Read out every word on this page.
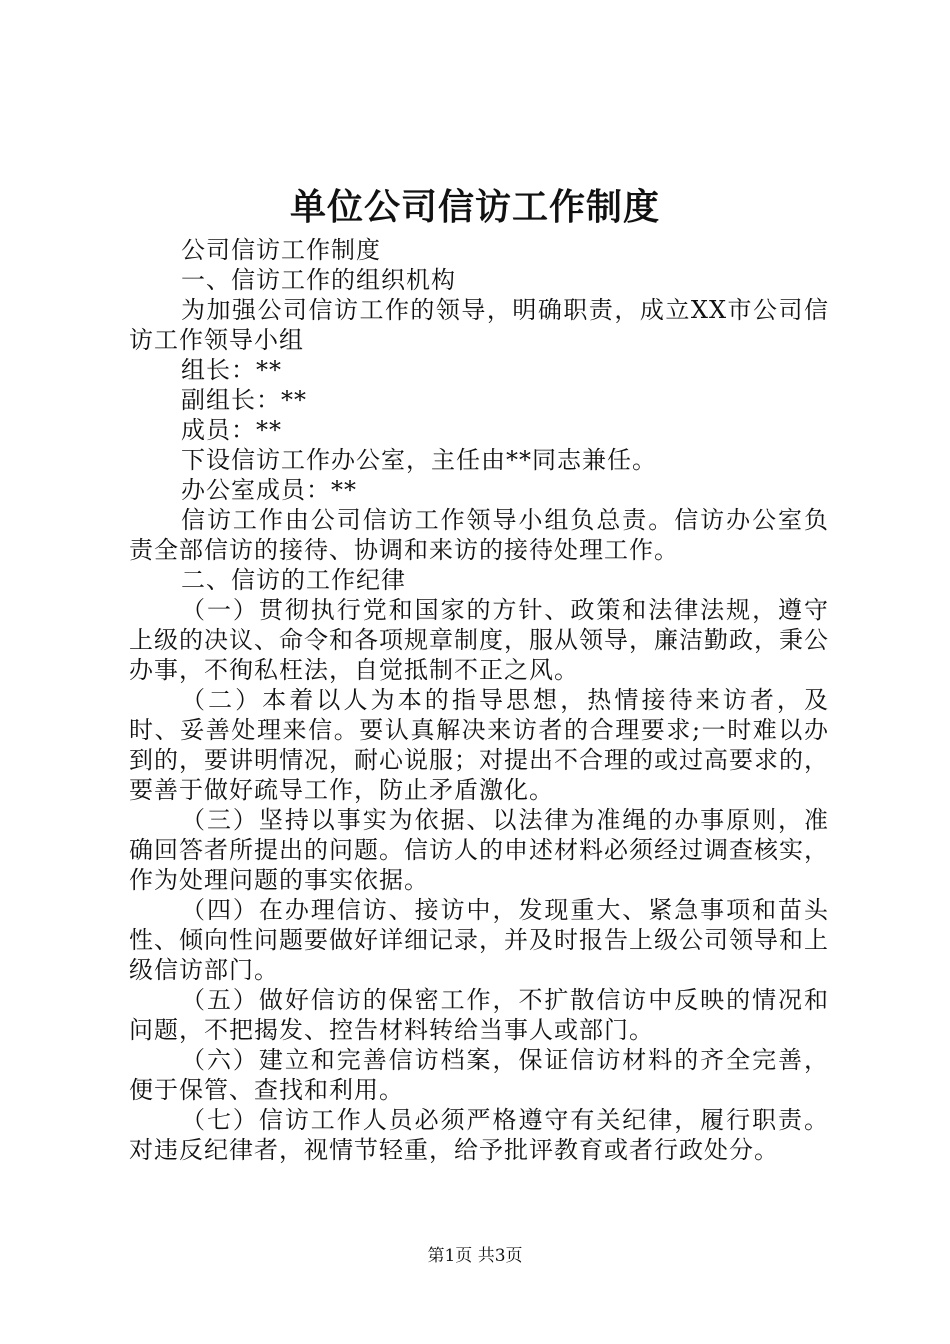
单位公司信访工作制度

公司信访工作制度

一、信访工作的组织机构

为加强公司信访工作的领导，明确职责，成立XX市公司信访工作领导小组

组长：**

副组长：**

成员：**

下设信访工作办公室，主任由**同志兼任。

办公室成员：**

信访工作由公司信访工作领导小组负总责。信访办公室负责全部信访的接待、协调和来访的接待处理工作。

二、信访的工作纪律

（一）贯彻执行党和国家的方针、政策和法律法规，遵守上级的决议、命令和各项规章制度，服从领导，廉洁勤政，秉公办事，不徇私枉法，自觉抵制不正之风。

（二）本着以人为本的指导思想，热情接待来访者，及时、妥善处理来信。要认真解决来访者的合理要求;一时难以办到的，要讲明情况，耐心说服；对提出不合理的或过高要求的，要善于做好疏导工作，防止矛盾激化。

（三）坚持以事实为依据、以法律为准绳的办事原则，准确回答者所提出的问题。信访人的申述材料必须经过调查核实，作为处理问题的事实依据。

（四）在办理信访、接访中，发现重大、紧急事项和苗头性、倾向性问题要做好详细记录，并及时报告上级公司领导和上级信访部门。

（五）做好信访的保密工作，不扩散信访中反映的情况和问题，不把揭发、控告材料转给当事人或部门。

（六）建立和完善信访档案，保证信访材料的齐全完善，便于保管、查找和利用。

（七）信访工作人员必须严格遵守有关纪律，履行职责。对违反纪律者，视情节轻重，给予批评教育或者行政处分。

第1页 共3页
